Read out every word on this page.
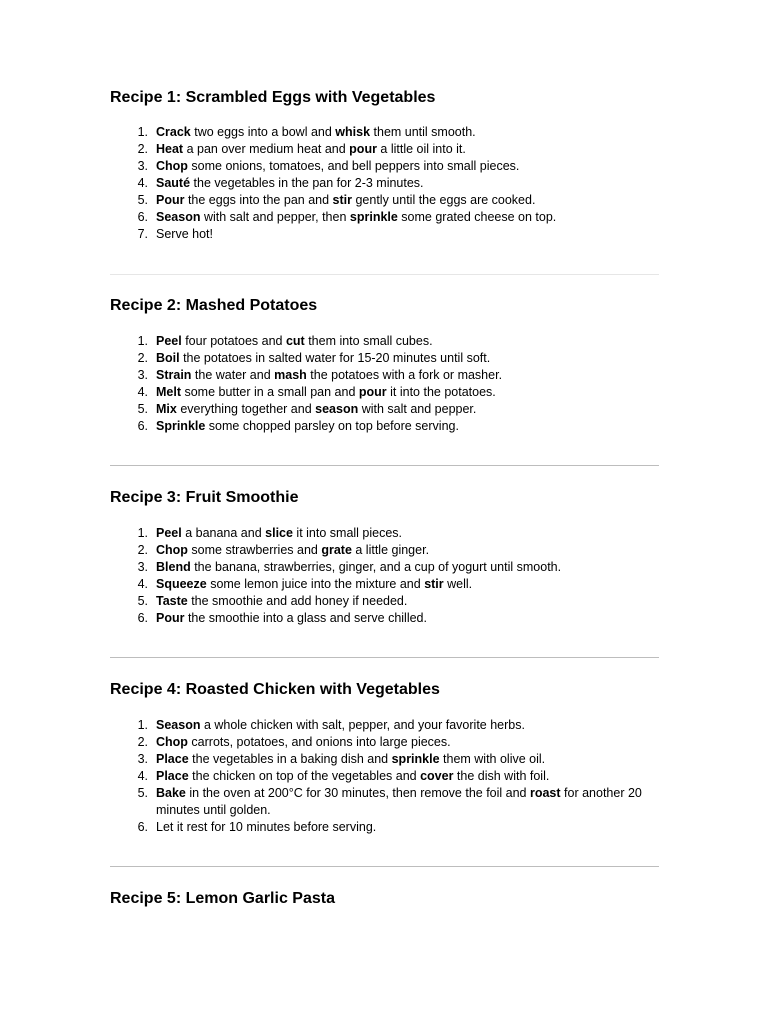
Recipe 1: Scrambled Eggs with Vegetables
1. Crack two eggs into a bowl and whisk them until smooth.
2. Heat a pan over medium heat and pour a little oil into it.
3. Chop some onions, tomatoes, and bell peppers into small pieces.
4. Sauté the vegetables in the pan for 2-3 minutes.
5. Pour the eggs into the pan and stir gently until the eggs are cooked.
6. Season with salt and pepper, then sprinkle some grated cheese on top.
7. Serve hot!
Recipe 2: Mashed Potatoes
1. Peel four potatoes and cut them into small cubes.
2. Boil the potatoes in salted water for 15-20 minutes until soft.
3. Strain the water and mash the potatoes with a fork or masher.
4. Melt some butter in a small pan and pour it into the potatoes.
5. Mix everything together and season with salt and pepper.
6. Sprinkle some chopped parsley on top before serving.
Recipe 3: Fruit Smoothie
1. Peel a banana and slice it into small pieces.
2. Chop some strawberries and grate a little ginger.
3. Blend the banana, strawberries, ginger, and a cup of yogurt until smooth.
4. Squeeze some lemon juice into the mixture and stir well.
5. Taste the smoothie and add honey if needed.
6. Pour the smoothie into a glass and serve chilled.
Recipe 4: Roasted Chicken with Vegetables
1. Season a whole chicken with salt, pepper, and your favorite herbs.
2. Chop carrots, potatoes, and onions into large pieces.
3. Place the vegetables in a baking dish and sprinkle them with olive oil.
4. Place the chicken on top of the vegetables and cover the dish with foil.
5. Bake in the oven at 200°C for 30 minutes, then remove the foil and roast for another 20 minutes until golden.
6. Let it rest for 10 minutes before serving.
Recipe 5: Lemon Garlic Pasta
